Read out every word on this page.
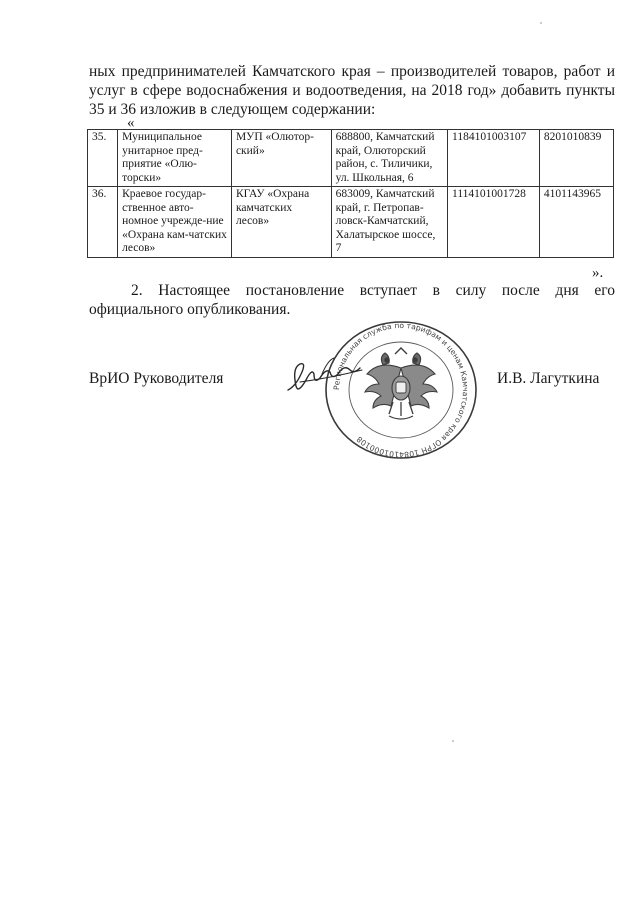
ных предпринимателей Камчатского края – производителей товаров, работ и услуг в сфере водоснабжения и водоотведения, на 2018 год» добавить пункты 35 и 36 изложив в следующем содержании:

«
35.	Муниципальное унитарное пред-приятие «Олю-торски»	МУП «Олютор-ский»	688800, Камчатский край, Олюторский район, с. Тиличики, ул. Школьная, 6	1184101003107	8201010839
36.	Краевое государ-ственное авто-номное учрежде-ние «Охрана кам-чатских лесов»	КГАУ «Охрана камчатских лесов»	683009, Камчатский край, г. Петропав-ловск-Камчатский, Халатырское шоссе, 7	1114101001728	4101143965
».

2. Настоящее постановление вступает в силу после дня его официального опубликования.

ВрИО Руководителя
Региональная служба по тарифам и ценам Камчатского края ОГРН 1084101000108
И.В. Лагуткина
